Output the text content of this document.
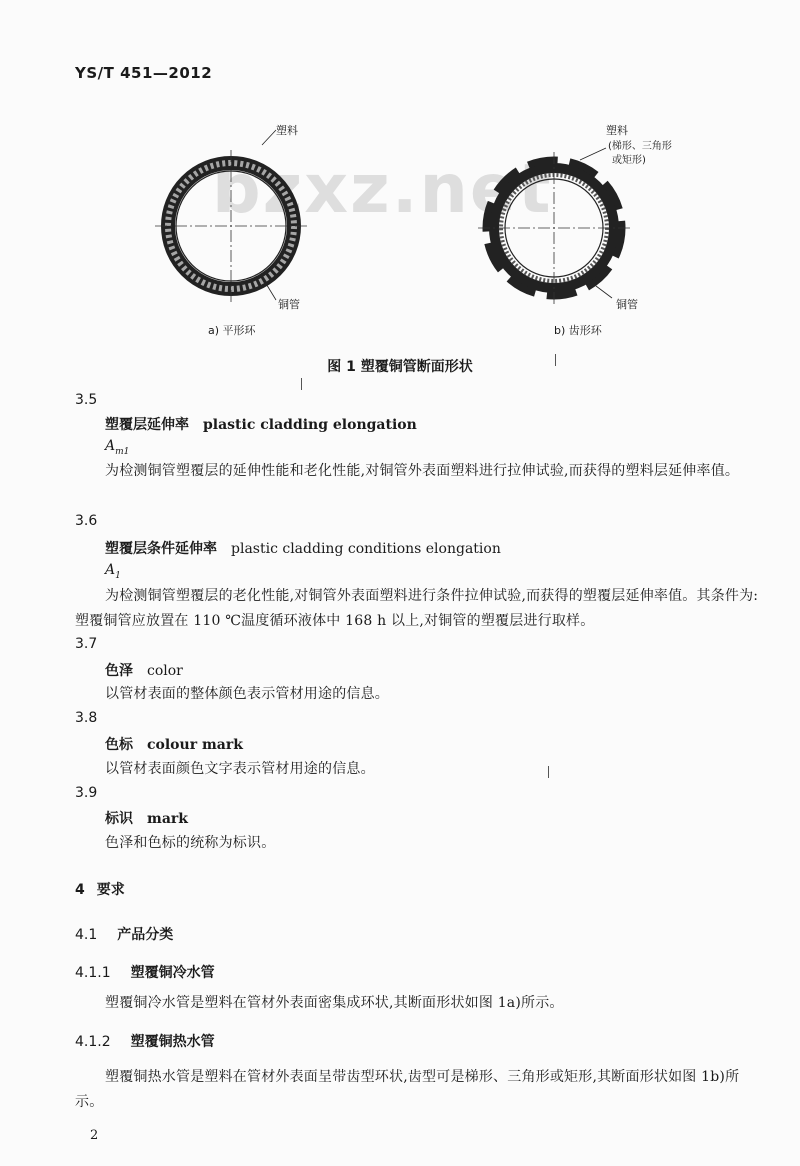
bzxz.net
YS/T 451—2012
塑料
铜管
a) 平形环
塑料
(梯形、三角形
或矩形)
铜管
b) 齿形环
图 1 塑覆铜管断面形状
3.5
塑覆层延伸率 plastic cladding elongation
$A_{m1}$
为检测铜管塑覆层的延伸性能和老化性能,对铜管外表面塑料进行拉伸试验,而获得的塑料层延伸率值。
3.6
塑覆层条件延伸率 plastic cladding conditions elongation
$A_1$
为检测铜管塑覆层的老化性能,对铜管外表面塑料进行条件拉伸试验,而获得的塑覆层延伸率值。其条件为:塑覆铜管应放置在 110 ℃温度循环液体中 168 h 以上,对铜管的塑覆层进行取样。
3.7
色泽 color
以管材表面的整体颜色表示管材用途的信息。
3.8
色标 colour mark
以管材表面颜色文字表示管材用途的信息。
3.9
标识 mark
色泽和色标的统称为标识。
4 要求
4.1 产品分类
4.1.1 塑覆铜冷水管
塑覆铜冷水管是塑料在管材外表面密集成环状,其断面形状如图 1a)所示。
4.1.2 塑覆铜热水管
塑覆铜热水管是塑料在管材外表面呈带齿型环状,齿型可是梯形、三角形或矩形,其断面形状如图 1b)所示。
2
